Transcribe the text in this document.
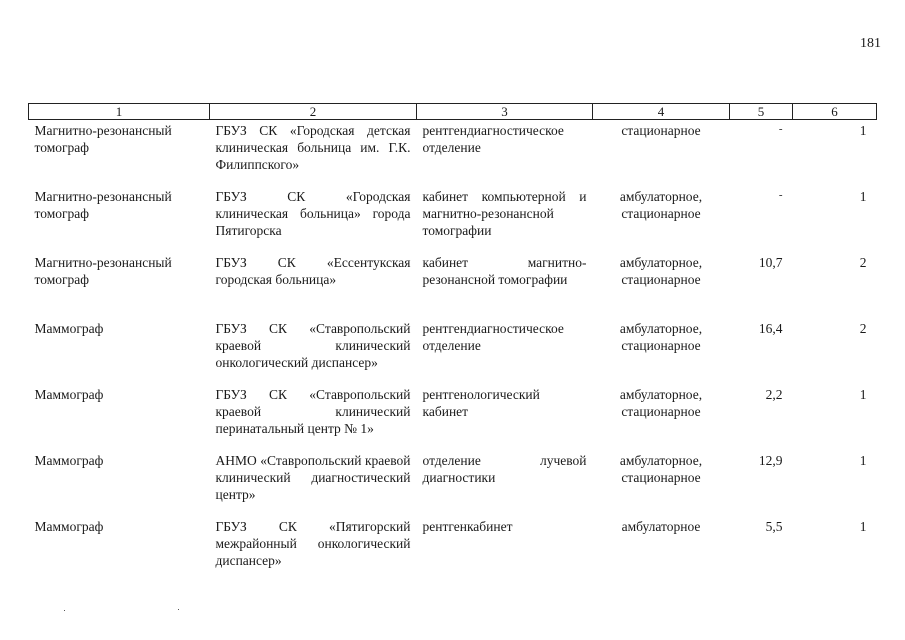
181
1	2	3	4	5	6
Магнитно-резонансный томограф	ГБУЗ СК «Городская детская клиническая больница им. Г.К. Филиппского»	рентгендиагностическое отделение	стационарное	-	1
Магнитно-резонансный томограф	ГБУЗ СК «Городская клиническая больница» города Пятигорска	кабинет компьютерной и магнитно-резонансной томографии	амбулаторное, стационарное	-	1
Магнитно-резонансный томограф	ГБУЗ СК «Ессентукская городская больница»	кабинет магнитно-резонансной томографии	амбулаторное, стационарное	10,7	2
Маммограф	ГБУЗ СК «Ставропольский краевой клинический онкологический диспансер»	рентгендиагностическое отделение	амбулаторное, стационарное	16,4	2
Маммограф	ГБУЗ СК «Ставропольский краевой клинический перинатальный центр № 1»	рентгенологический кабинет	амбулаторное, стационарное	2,2	1
Маммограф	АНМО «Ставропольский краевой клинический диагностический центр»	отделение лучевой диагностики	амбулаторное, стационарное	12,9	1
Маммограф	ГБУЗ СК «Пятигорский межрайонный онкологический диспансер»	рентгенкабинет	амбулаторное	5,5	1
